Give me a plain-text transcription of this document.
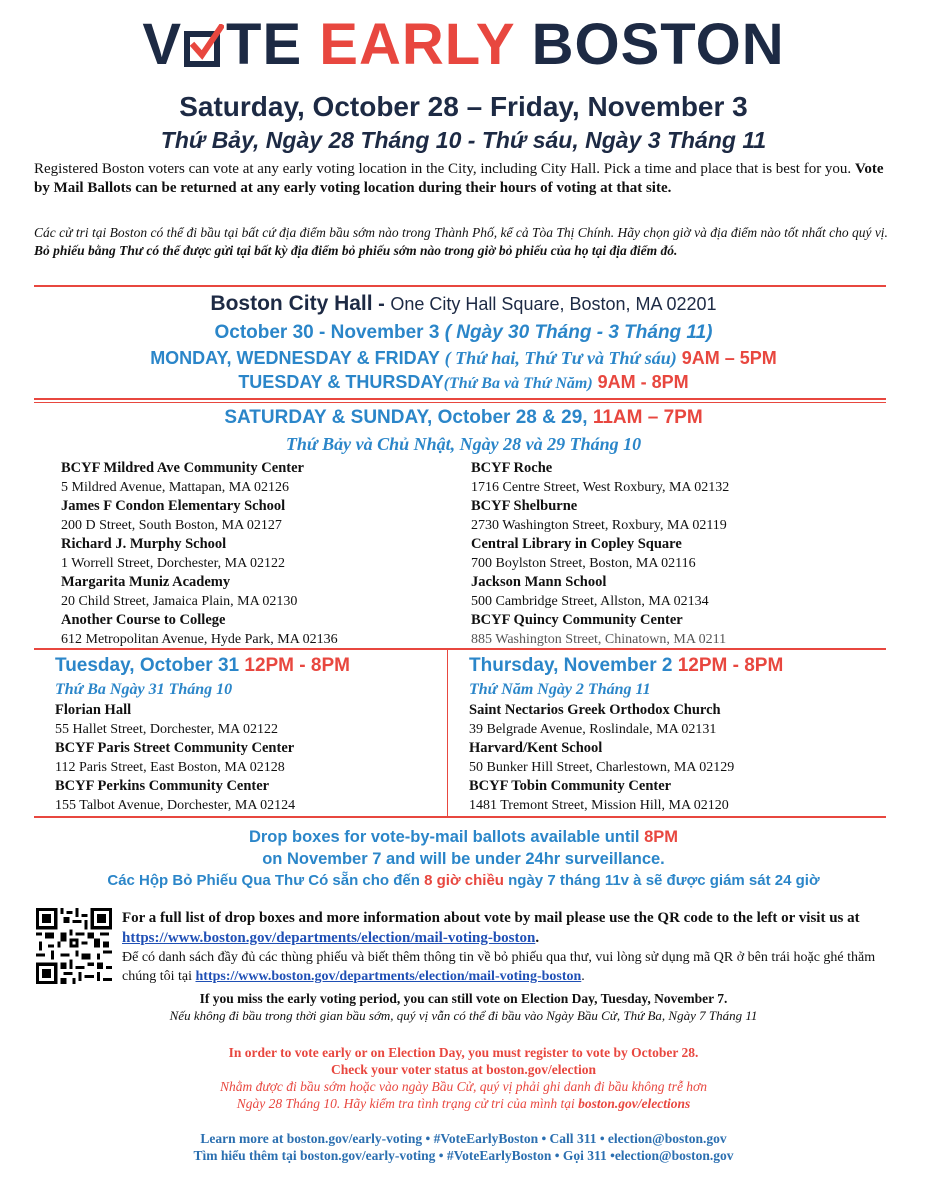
V TE EARLY BOSTON
Saturday, October 28 – Friday, November 3
Thứ Bảy, Ngày 28 Tháng 10 - Thứ sáu, Ngày 3 Tháng 11
Registered Boston voters can vote at any early voting location in the City, including City Hall. Pick a time and place that is best for you. Vote by Mail Ballots can be returned at any early voting location during their hours of voting at that site.
Các cử tri tại Boston có thể đi bầu tại bất cứ địa điểm bầu sớm nào trong Thành Phố, kể cả Tòa Thị Chính. Hãy chọn giờ và địa điểm nào tốt nhất cho quý vị. Bỏ phiếu bằng Thư có thể được gửi tại bất kỳ địa điểm bỏ phiếu sớm nào trong giờ bỏ phiếu của họ tại địa điểm đó.
Boston City Hall - One City Hall Square, Boston, MA 02201
October 30 - November 3 ( Ngày 30 Tháng - 3 Tháng 11)
MONDAY, WEDNESDAY & FRIDAY ( Thứ hai, Thứ Tư và Thứ sáu) 9AM – 5PM
TUESDAY & THURSDAY(Thứ Ba và Thứ Năm) 9AM - 8PM
SATURDAY & SUNDAY, October 28 & 29, 11AM – 7PM
Thứ Bảy và Chủ Nhật, Ngày 28 và 29 Tháng 10
BCYF Mildred Ave Community Center
5 Mildred Avenue, Mattapan, MA 02126
James F Condon Elementary School
200 D Street, South Boston, MA 02127
Richard J. Murphy School
1 Worrell Street, Dorchester, MA 02122
Margarita Muniz Academy
20 Child Street, Jamaica Plain, MA 02130
Another Course to College
612 Metropolitan Avenue, Hyde Park, MA 02136
BCYF Roche
1716 Centre Street, West Roxbury, MA 02132
BCYF Shelburne
2730 Washington Street, Roxbury, MA 02119
Central Library in Copley Square
700 Boylston Street, Boston, MA 02116
Jackson Mann School
500 Cambridge Street, Allston, MA 02134
BCYF Quincy Community Center
885 Washington Street, Chinatown, MA 0211
Tuesday, October 31 12PM - 8PM
Thứ Ba Ngày 31 Tháng 10
Florian Hall
55 Hallet Street, Dorchester, MA 02122
BCYF Paris Street Community Center
112 Paris Street, East Boston, MA 02128
BCYF Perkins Community Center
155 Talbot Avenue, Dorchester, MA 02124
Thursday, November 2 12PM - 8PM
Thứ Năm Ngày 2 Tháng 11
Saint Nectarios Greek Orthodox Church
39 Belgrade Avenue, Roslindale, MA 02131
Harvard/Kent School
50 Bunker Hill Street, Charlestown, MA 02129
BCYF Tobin Community Center
1481 Tremont Street, Mission Hill, MA 02120
Drop boxes for vote-by-mail ballots available until 8PM
on November 7 and will be under 24hr surveillance.
Các Hộp Bỏ Phiếu Qua Thư Có sẵn cho đến 8 giờ chiều ngày 7 tháng 11v à sẽ được giám sát 24 giờ
For a full list of drop boxes and more information about vote by mail please use the QR code to the left or visit us at https://www.boston.gov/departments/election/mail-voting-boston.
Để có danh sách đầy đủ các thùng phiếu và biết thêm thông tin về bỏ phiếu qua thư, vui lòng sử dụng mã QR ở bên trái hoặc ghé thăm chúng tôi tại https://www.boston.gov/departments/election/mail-voting-boston.
If you miss the early voting period, you can still vote on Election Day, Tuesday, November 7.
Nếu không đi bầu trong thời gian bầu sớm, quý vị vẫn có thể đi bầu vào Ngày Bầu Cử, Thứ Ba, Ngày 7 Tháng 11
In order to vote early or on Election Day, you must register to vote by October 28.
Check your voter status at boston.gov/election
Nhằm được đi bầu sớm hoặc vào ngày Bầu Cử, quý vị phải ghi danh đi bầu không trễ hơn
Ngày 28 Tháng 10. Hãy kiểm tra tình trạng cử tri của mình tại boston.gov/elections
Learn more at boston.gov/early-voting • #VoteEarlyBoston • Call 311 • election@boston.gov
Tìm hiểu thêm tại boston.gov/early-voting • #VoteEarlyBoston • Gọi 311 •election@boston.gov
